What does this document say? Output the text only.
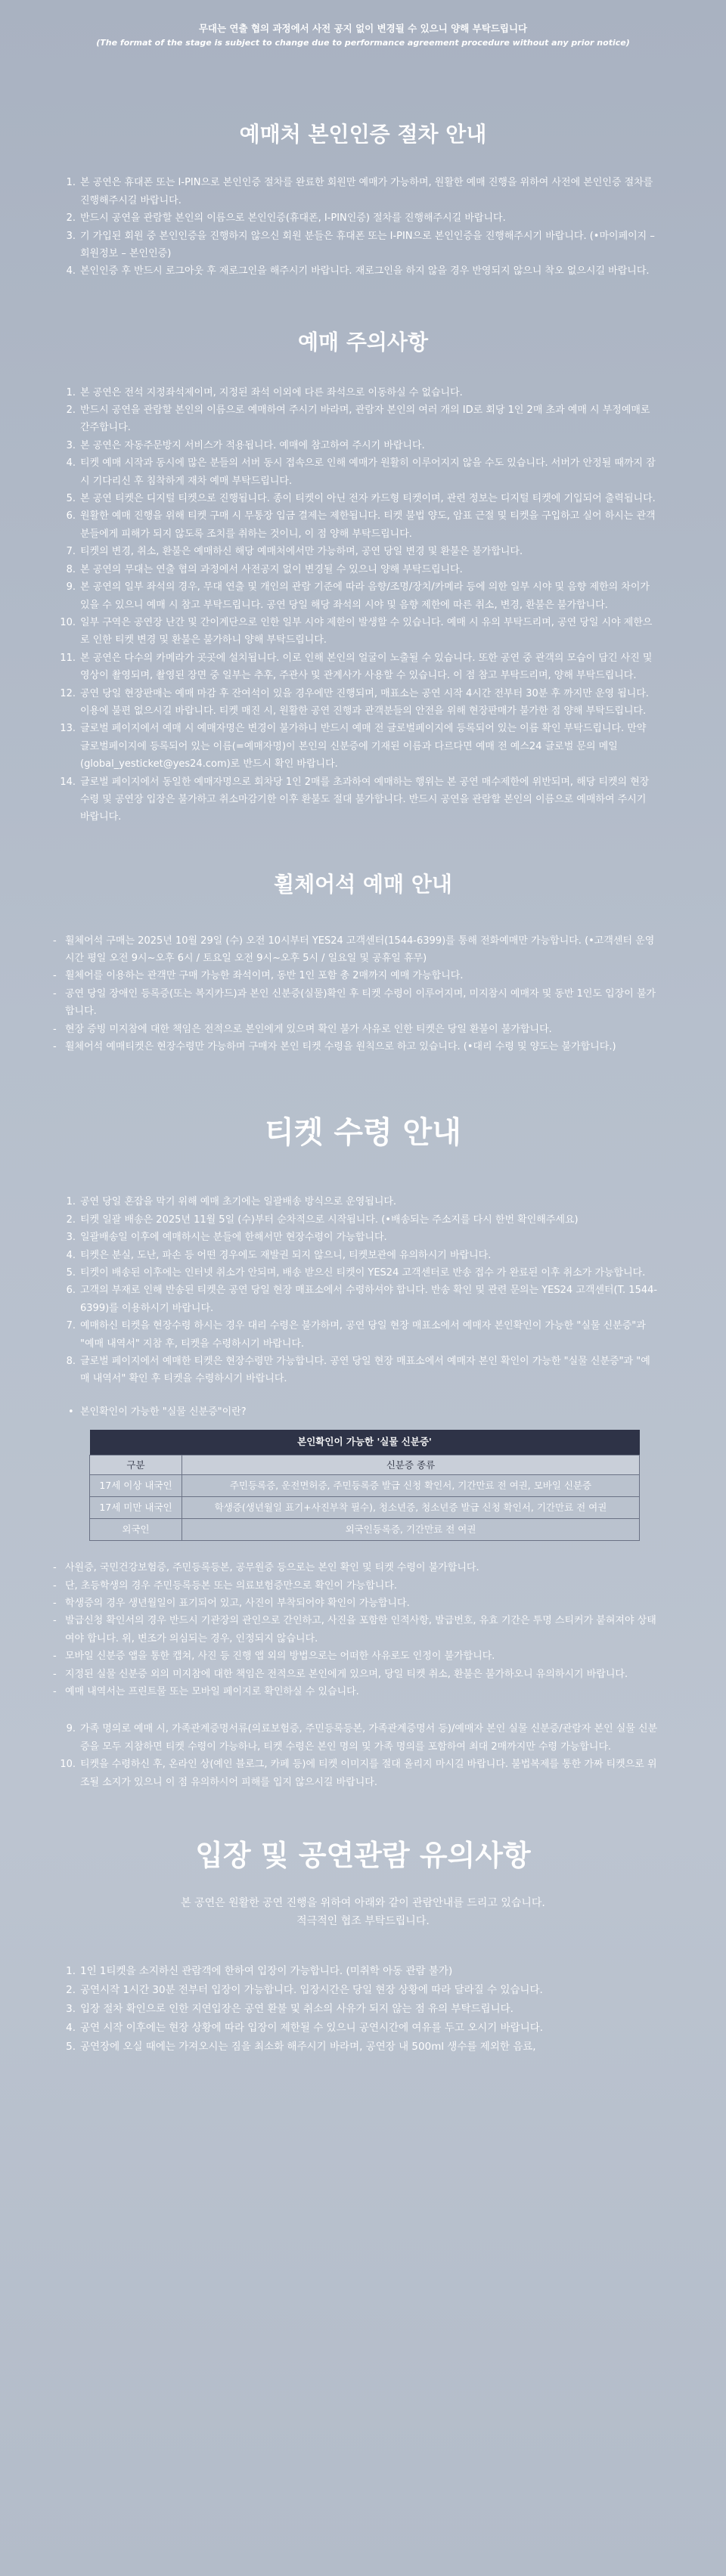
무대는 연출 협의 과정에서 사전 공지 없이 변경될 수 있으니 양해 부탁드립니다
(The format of the stage is subject to change due to performance agreement procedure without any prior notice)
예매처 본인인증 절차 안내
1. 본 공연은 휴대폰 또는 I-PIN으로 본인인증 절차를 완료한 회원만 예매가 가능하며, 원활한 예매 진행을 위하여 사전에 본인인증 절차를 진행해주시길 바랍니다.
2. 반드시 공연을 관람할 본인의 이름으로 본인인증(휴대폰, I-PIN인증) 절차를 진행해주시길 바랍니다.
3. 기 가입된 회원 중 본인인증을 진행하지 않으신 회원 분들은 휴대폰 또는 I-PIN으로 본인인증을 진행해주시기 바랍니다. (•마이페이지 – 회원정보 – 본인인증)
4. 본인인증 후 반드시 로그아웃 후 재로그인을 해주시기 바랍니다. 재로그인을 하지 않을 경우 반영되지 않으니 착오 없으시길 바랍니다.
예매 주의사항
1. 본 공연은 전석 지정좌석제이며, 지정된 좌석 이외에 다른 좌석으로 이동하실 수 없습니다.
2. 반드시 공연을 관람할 본인의 이름으로 예매하여 주시기 바라며, 관람자 본인의 여러 개의 ID로 회당 1인 2매 초과 예매 시 부정예매로 간주합니다.
3. 본 공연은 자동주문방지 서비스가 적용됩니다. 예매에 참고하여 주시기 바랍니다.
4. 티켓 예매 시작과 동시에 많은 분들의 서버 동시 접속으로 인해 예매가 원활히 이루어지지 않을 수도 있습니다. 서버가 안정될 때까지 잠시 기다리신 후 침착하게 재차 예매 부탁드립니다.
5. 본 공연 티켓은 디지털 티켓으로 진행됩니다. 종이 티켓이 아닌 전자 카드형 티켓이며, 관련 정보는 디지털 티켓에 기입되어 출력됩니다.
6. 원활한 예매 진행을 위해 티켓 구매 시 무통장 입금 결제는 제한됩니다. 티켓 불법 양도, 암표 근절 및 티켓을 구입하고 실어 하시는 관객분들에게 피해가 되지 않도록 조치를 취하는 것이니, 이 점 양해 부탁드립니다.
7. 티켓의 변경, 취소, 환불은 예매하신 해당 예매처에서만 가능하며, 공연 당일 변경 및 환불은 불가합니다.
8. 본 공연의 무대는 연출 협의 과정에서 사전공지 없이 변경될 수 있으니 양해 부탁드립니다.
9. 본 공연의 일부 좌석의 경우, 무대 연출 및 개인의 관람 기준에 따라 음향/조명/장치/카메라 등에 의한 일부 시야 및 음향 제한의 차이가 있을 수 있으니 예매 시 참고 부탁드립니다. 공연 당일 해당 좌석의 시야 및 음향 제한에 따른 취소, 변경, 환불은 불가합니다.
10. 일부 구역은 공연장 난간 및 간이계단으로 인한 일부 시야 제한이 발생할 수 있습니다. 예매 시 유의 부탁드리며, 공연 당일 시야 제한으로 인한 티켓 변경 및 환불은 불가하니 양해 부탁드립니다.
11. 본 공연은 다수의 카메라가 곳곳에 설치됩니다. 이로 인해 본인의 얼굴이 노출될 수 있습니다. 또한 공연 중 관객의 모습이 담긴 사진 및 영상이 촬영되며, 촬영된 장면 중 일부는 추후, 주관사 및 관계사가 사용할 수 있습니다. 이 점 참고 부탁드리며, 양해 부탁드립니다.
12. 공연 당일 현장판매는 예매 마감 후 잔여석이 있을 경우에만 진행되며, 매표소는 공연 시작 4시간 전부터 30분 후 까지만 운영 됩니다. 이용에 불편 없으시길 바랍니다. 티켓 매진 시, 원활한 공연 진행과 관객분들의 안전을 위해 현장판매가 불가한 점 양해 부탁드립니다.
13. 글로벌 페이지에서 예매 시 예매자명은 변경이 불가하니 반드시 예매 전 글로벌페이지에 등록되어 있는 이름 확인 부탁드립니다. 만약 글로벌페이지에 등록되어 있는 이름(=예매자명)이 본인의 신분증에 기재된 이름과 다르다면 예매 전 예스24 글로벌 문의 메일(global_yesticket@yes24.com)로 반드시 확인 바랍니다.
14. 글로벌 페이지에서 동일한 예매자명으로 회차당 1인 2매를 초과하여 예매하는 행위는 본 공연 매수제한에 위반되며, 해당 티켓의 현장수령 및 공연장 입장은 불가하고 취소마감기한 이후 환불도 절대 불가합니다. 반드시 공연을 관람할 본인의 이름으로 예매하여 주시기 바랍니다.
휠체어석 예매 안내
- 휠체어석 구매는 2025년 10월 29일 (수) 오전 10시부터 YES24 고객센터(1544-6399)를 통해 전화예매만 가능합니다. (•고객센터 운영시간 평일 오전 9시~오후 6시 / 토요일 오전 9시~오후 5시 / 일요일 및 공휴일 휴무)
- 휠체어를 이용하는 관객만 구매 가능한 좌석이며, 동반 1인 포함 총 2매까지 예매 가능합니다.
- 공연 당일 장애인 등록증(또는 복지카드)과 본인 신분증(실물)확인 후 티켓 수령이 이루어지며, 미지참시 예매자 및 동반 1인도 입장이 불가합니다.
- 현장 증빙 미지참에 대한 책임은 전적으로 본인에게 있으며 확인 불가 사유로 인한 티켓은 당일 환불이 불가합니다.
- 휠체어석 예매티켓은 현장수령만 가능하며 구매자 본인 티켓 수령을 원칙으로 하고 있습니다. (•대리 수령 및 양도는 불가합니다.)
티켓 수령 안내
1. 공연 당일 혼잡을 막기 위해 예매 초기에는 일괄배송 방식으로 운영됩니다.
2. 티켓 일괄 배송은 2025년 11월 5일 (수)부터 순차적으로 시작됩니다. (•배송되는 주소지를 다시 한번 확인해주세요)
3. 일괄배송일 이후에 예매하시는 분들에 한해서만 현장수령이 가능합니다.
4. 티켓은 분실, 도난, 파손 등 어떤 경우에도 재발권 되지 않으니, 티켓보관에 유의하시기 바랍니다.
5. 티켓이 배송된 이후에는 인터넷 취소가 안되며, 배송 받으신 티켓이 YES24 고객센터로 반송 접수 가 완료된 이후 취소가 가능합니다.
6. 고객의 부재로 인해 반송된 티켓은 공연 당일 현장 매표소에서 수령하셔야 합니다. 반송 확인 및 관련 문의는 YES24 고객센터(T. 1544-6399)를 이용하시기 바랍니다.
7. 예매하신 티켓을 현장수령 하시는 경우 대리 수령은 불가하며, 공연 당일 현장 매표소에서 예매자 본인확인이 가능한 "실물 신분증"과 "예매 내역서" 지참 후, 티켓을 수령하시기 바랍니다.
8. 글로벌 페이지에서 예매한 티켓은 현장수령만 가능합니다. 공연 당일 현장 매표소에서 예매자 본인 확인이 가능한 "실물 신분증"과 "예매 내역서" 확인 후 티켓을 수령하시기 바랍니다.
• 본인확인이 가능한 "실물 신분증"이란?
본인확인이 가능한 '실물 신분증'	
구분	신분증 종류
17세 이상 내국인	주민등록증, 운전면허증, 주민등록증 발급 신청 확인서, 기간만료 전 여권, 모바일 신분증
17세 미만 내국인	학생증(생년월일 표기+사진부착 필수), 청소년증, 청소년증 발급 신청 확인서, 기간만료 전 여권
외국인	외국인등록증, 기간만료 전 여권
- 사원증, 국민건강보험증, 주민등록등본, 공무원증 등으로는 본인 확인 및 티켓 수령이 불가합니다.
- 단, 초등학생의 경우 주민등록등본 또는 의료보험증만으로 확인이 가능합니다.
- 학생증의 경우 생년월일이 표기되어 있고, 사진이 부착되어야 확인이 가능합니다.
- 발급신청 확인서의 경우 반드시 기관장의 관인으로 간인하고, 사진을 포함한 인적사항, 발급번호, 유효 기간은 투명 스티커가 붙혀져야 상태여야 합니다. 위, 변조가 의심되는 경우, 인정되지 않습니다.
- 모바일 신분증 앱을 통한 캡쳐, 사진 등 진행 앱 외의 방법으로는 어떠한 사유로도 인정이 불가합니다.
- 지정된 실물 신분증 외의 미지참에 대한 책임은 전적으로 본인에게 있으며, 당일 티켓 취소, 환불은 불가하오니 유의하시기 바랍니다.
- 예매 내역서는 프린트물 또는 모바일 페이지로 확인하실 수 있습니다.
9. 가족 명의로 예매 시, 가족관계증명서류(의료보험증, 주민등록등본, 가족관계증명서 등)/예매자 본인 실물 신분증/관람자 본인 실물 신분증을 모두 지참하면 티켓 수령이 가능하나, 티켓 수령은 본인 명의 및 가족 명의를 포함하여 최대 2매까지만 수령 가능합니다.
10. 티켓을 수령하신 후, 온라인 상(예인 블로그, 카페 등)에 티켓 이미지를 절대 올리지 마시길 바랍니다. 불법복제를 통한 가짜 티켓으로 위조될 소지가 있으니 이 점 유의하시어 피해를 입지 않으시길 바랍니다.
입장 및 공연관람 유의사항
본 공연은 원활한 공연 진행을 위하여 아래와 같이 관람안내를 드리고 있습니다.
적극적인 협조 부탁드립니다.
1. 1인 1티켓을 소지하신 관람객에 한하여 입장이 가능합니다. (미취학 아동 관람 불가)
2. 공연시작 1시간 30분 전부터 입장이 가능합니다. 입장시간은 당일 현장 상황에 따라 달라질 수 있습니다.
3. 입장 절차 확인으로 인한 지연입장은 공연 환불 및 취소의 사유가 되지 않는 점 유의 부탁드립니다.
4. 공연 시작 이후에는 현장 상황에 따라 입장이 제한될 수 있으니 공연시간에 여유를 두고 오시기 바랍니다.
5. 공연장에 오실 때에는 가져오시는 짐을 최소화 해주시기 바라며, 공연장 내 500ml 생수를 제외한 음료,
